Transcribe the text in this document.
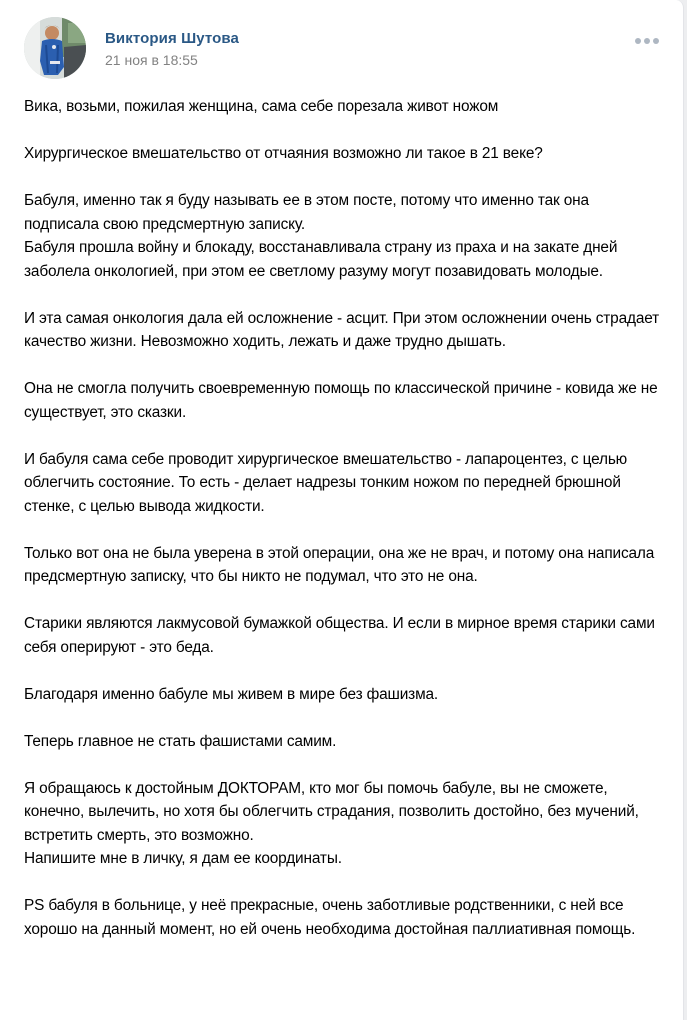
Виктория Шутова
21 ноя в 18:55

Вика, возьми, пожилая женщина, сама себе порезала живот ножом

Хирургическое вмешательство от отчаяния возможно ли такое в 21 веке?

Бабуля, именно так я буду называть ее в этом посте, потому что именно так она подписала свою предсмертную записку.
Бабуля прошла войну и блокаду, восстанавливала страну из праха и на закате дней заболела онкологией, при этом ее светлому разуму могут позавидовать молодые.

И эта самая онкология дала ей осложнение - асцит. При этом осложнении очень страдает качество жизни. Невозможно ходить, лежать и даже трудно дышать.

Она не смогла получить своевременную помощь по классической причине - ковида же не существует, это сказки.

И бабуля сама себе проводит хирургическое вмешательство - лапароцентез, с целью облегчить состояние. То есть - делает надрезы тонким ножом по передней брюшной стенке, с целью вывода жидкости.

Только вот она не была уверена в этой операции, она же не врач, и потому она написала предсмертную записку, что бы никто не подумал, что это не она.

Старики являются лакмусовой бумажкой общества. И если в мирное время старики сами себя оперируют - это беда.

Благодаря именно бабуле мы живем в мире без фашизма.

Теперь главное не стать фашистами самим.

Я обращаюсь к достойным ДОКТОРАМ, кто мог бы помочь бабуле, вы не сможете, конечно, вылечить, но хотя бы облегчить страдания, позволить достойно, без мучений, встретить смерть, это возможно.
Напишите мне в личку, я дам ее координаты.

PS бабуля в больнице, у неё прекрасные, очень заботливые родственники, с ней все хорошо на данный момент, но ей очень необходима достойная паллиативная помощь.
